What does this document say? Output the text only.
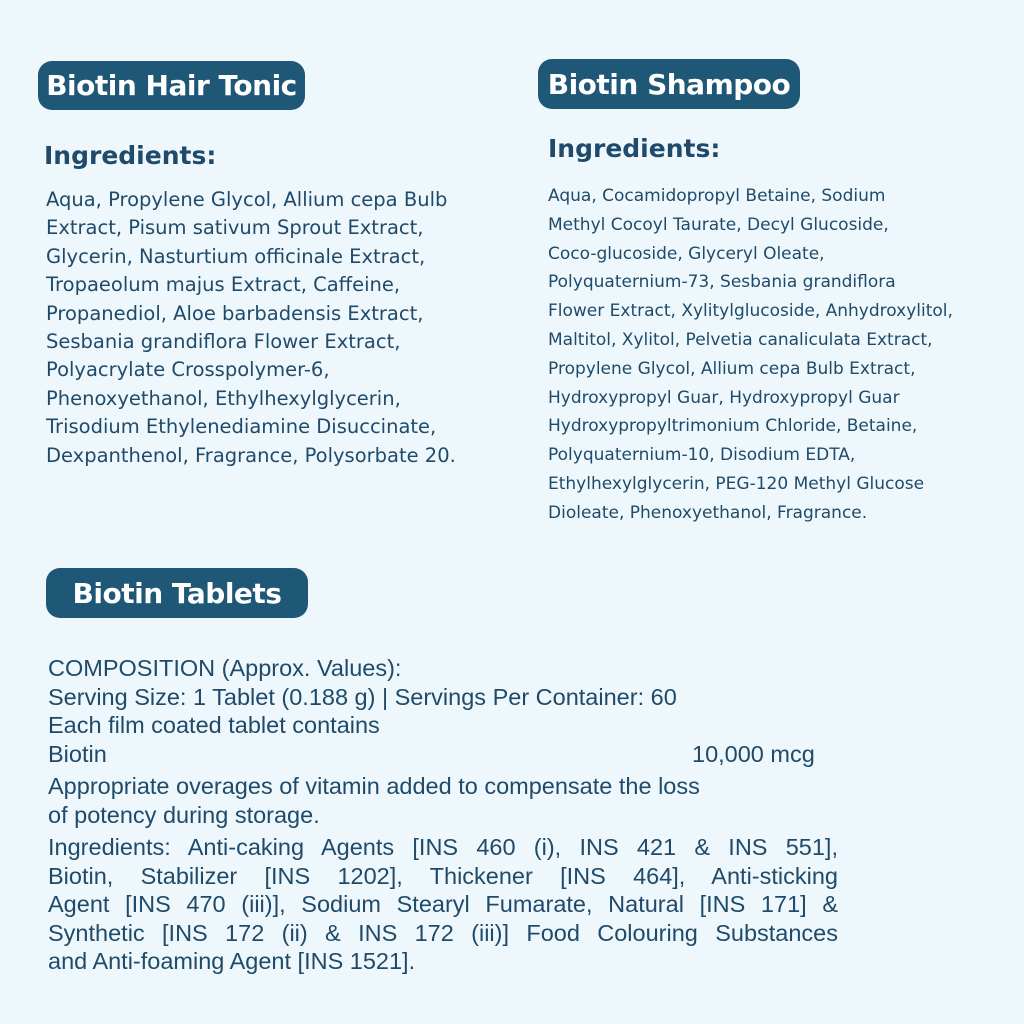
Biotin Hair Tonic
Ingredients:
Aqua, Propylene Glycol, Allium cepa Bulb
Extract, Pisum sativum Sprout Extract,
Glycerin, Nasturtium officinale Extract,
Tropaeolum majus Extract, Caffeine,
Propanediol, Aloe barbadensis Extract,
Sesbania grandiflora Flower Extract,
Polyacrylate Crosspolymer-6,
Phenoxyethanol, Ethylhexylglycerin,
Trisodium Ethylenediamine Disuccinate,
Dexpanthenol, Fragrance, Polysorbate 20.
Biotin Shampoo
Ingredients:
Aqua, Cocamidopropyl Betaine, Sodium
Methyl Cocoyl Taurate, Decyl Glucoside,
Coco-glucoside, Glyceryl Oleate,
Polyquaternium-73, Sesbania grandiflora
Flower Extract, Xylitylglucoside, Anhydroxylitol,
Maltitol, Xylitol, Pelvetia canaliculata Extract,
Propylene Glycol, Allium cepa Bulb Extract,
Hydroxypropyl Guar, Hydroxypropyl Guar
Hydroxypropyltrimonium Chloride, Betaine,
Polyquaternium-10, Disodium EDTA,
Ethylhexylglycerin, PEG-120 Methyl Glucose
Dioleate, Phenoxyethanol, Fragrance.
Biotin Tablets
COMPOSITION (Approx. Values):
Serving Size: 1 Tablet (0.188 g) | Servings Per Container: 60
Each film coated tablet contains
Biotin	10,000 mcg
Appropriate overages of vitamin added to compensate the loss
of potency during storage.
Ingredients: Anti-caking Agents [INS 460 (i), INS 421 & INS 551],
Biotin, Stabilizer [INS 1202], Thickener [INS 464], Anti-sticking
Agent [INS 470 (iii)], Sodium Stearyl Fumarate, Natural [INS 171] &
Synthetic [INS 172 (ii) & INS 172 (iii)] Food Colouring Substances
and Anti-foaming Agent [INS 1521].
